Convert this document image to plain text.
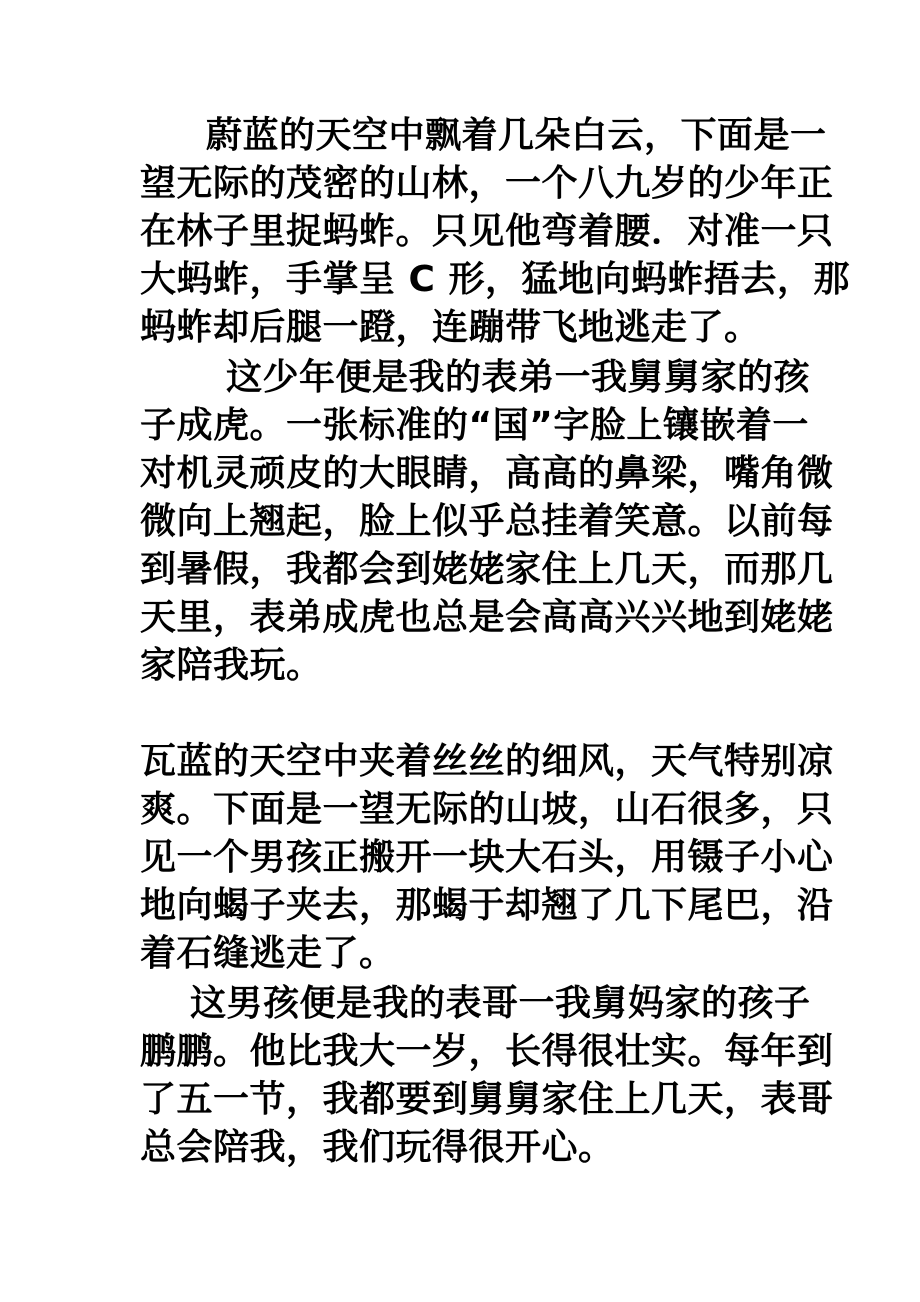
蔚蓝的天空中飘着几朵白云，下面是一
望无际的茂密的山林，一个八九岁的少年正
在林子里捉蚂蚱。只见他弯着腰．对准一只
大蚂蚱，手掌呈 C 形，猛地向蚂蚱捂去，那
蚂蚱却后腿一蹬，连蹦带飞地逃走了。
这少年便是我的表弟一我舅舅家的孩
子成虎。一张标准的“国”字脸上镶嵌着一
对机灵顽皮的大眼睛，高高的鼻梁，嘴角微
微向上翘起，脸上似乎总挂着笑意。以前每
到暑假，我都会到姥姥家住上几天，而那几
天里，表弟成虎也总是会高高兴兴地到姥姥
家陪我玩。
瓦蓝的天空中夹着丝丝的细风，天气特别凉
爽。下面是一望无际的山坡，山石很多，只
见一个男孩正搬开一块大石头，用镊子小心
地向蝎子夹去，那蝎于却翘了几下尾巴，沿
着石缝逃走了。
这男孩便是我的表哥一我舅妈家的孩子
鹏鹏。他比我大一岁，长得很壮实。每年到
了五一节，我都要到舅舅家住上几天，表哥
总会陪我，我们玩得很开心。
